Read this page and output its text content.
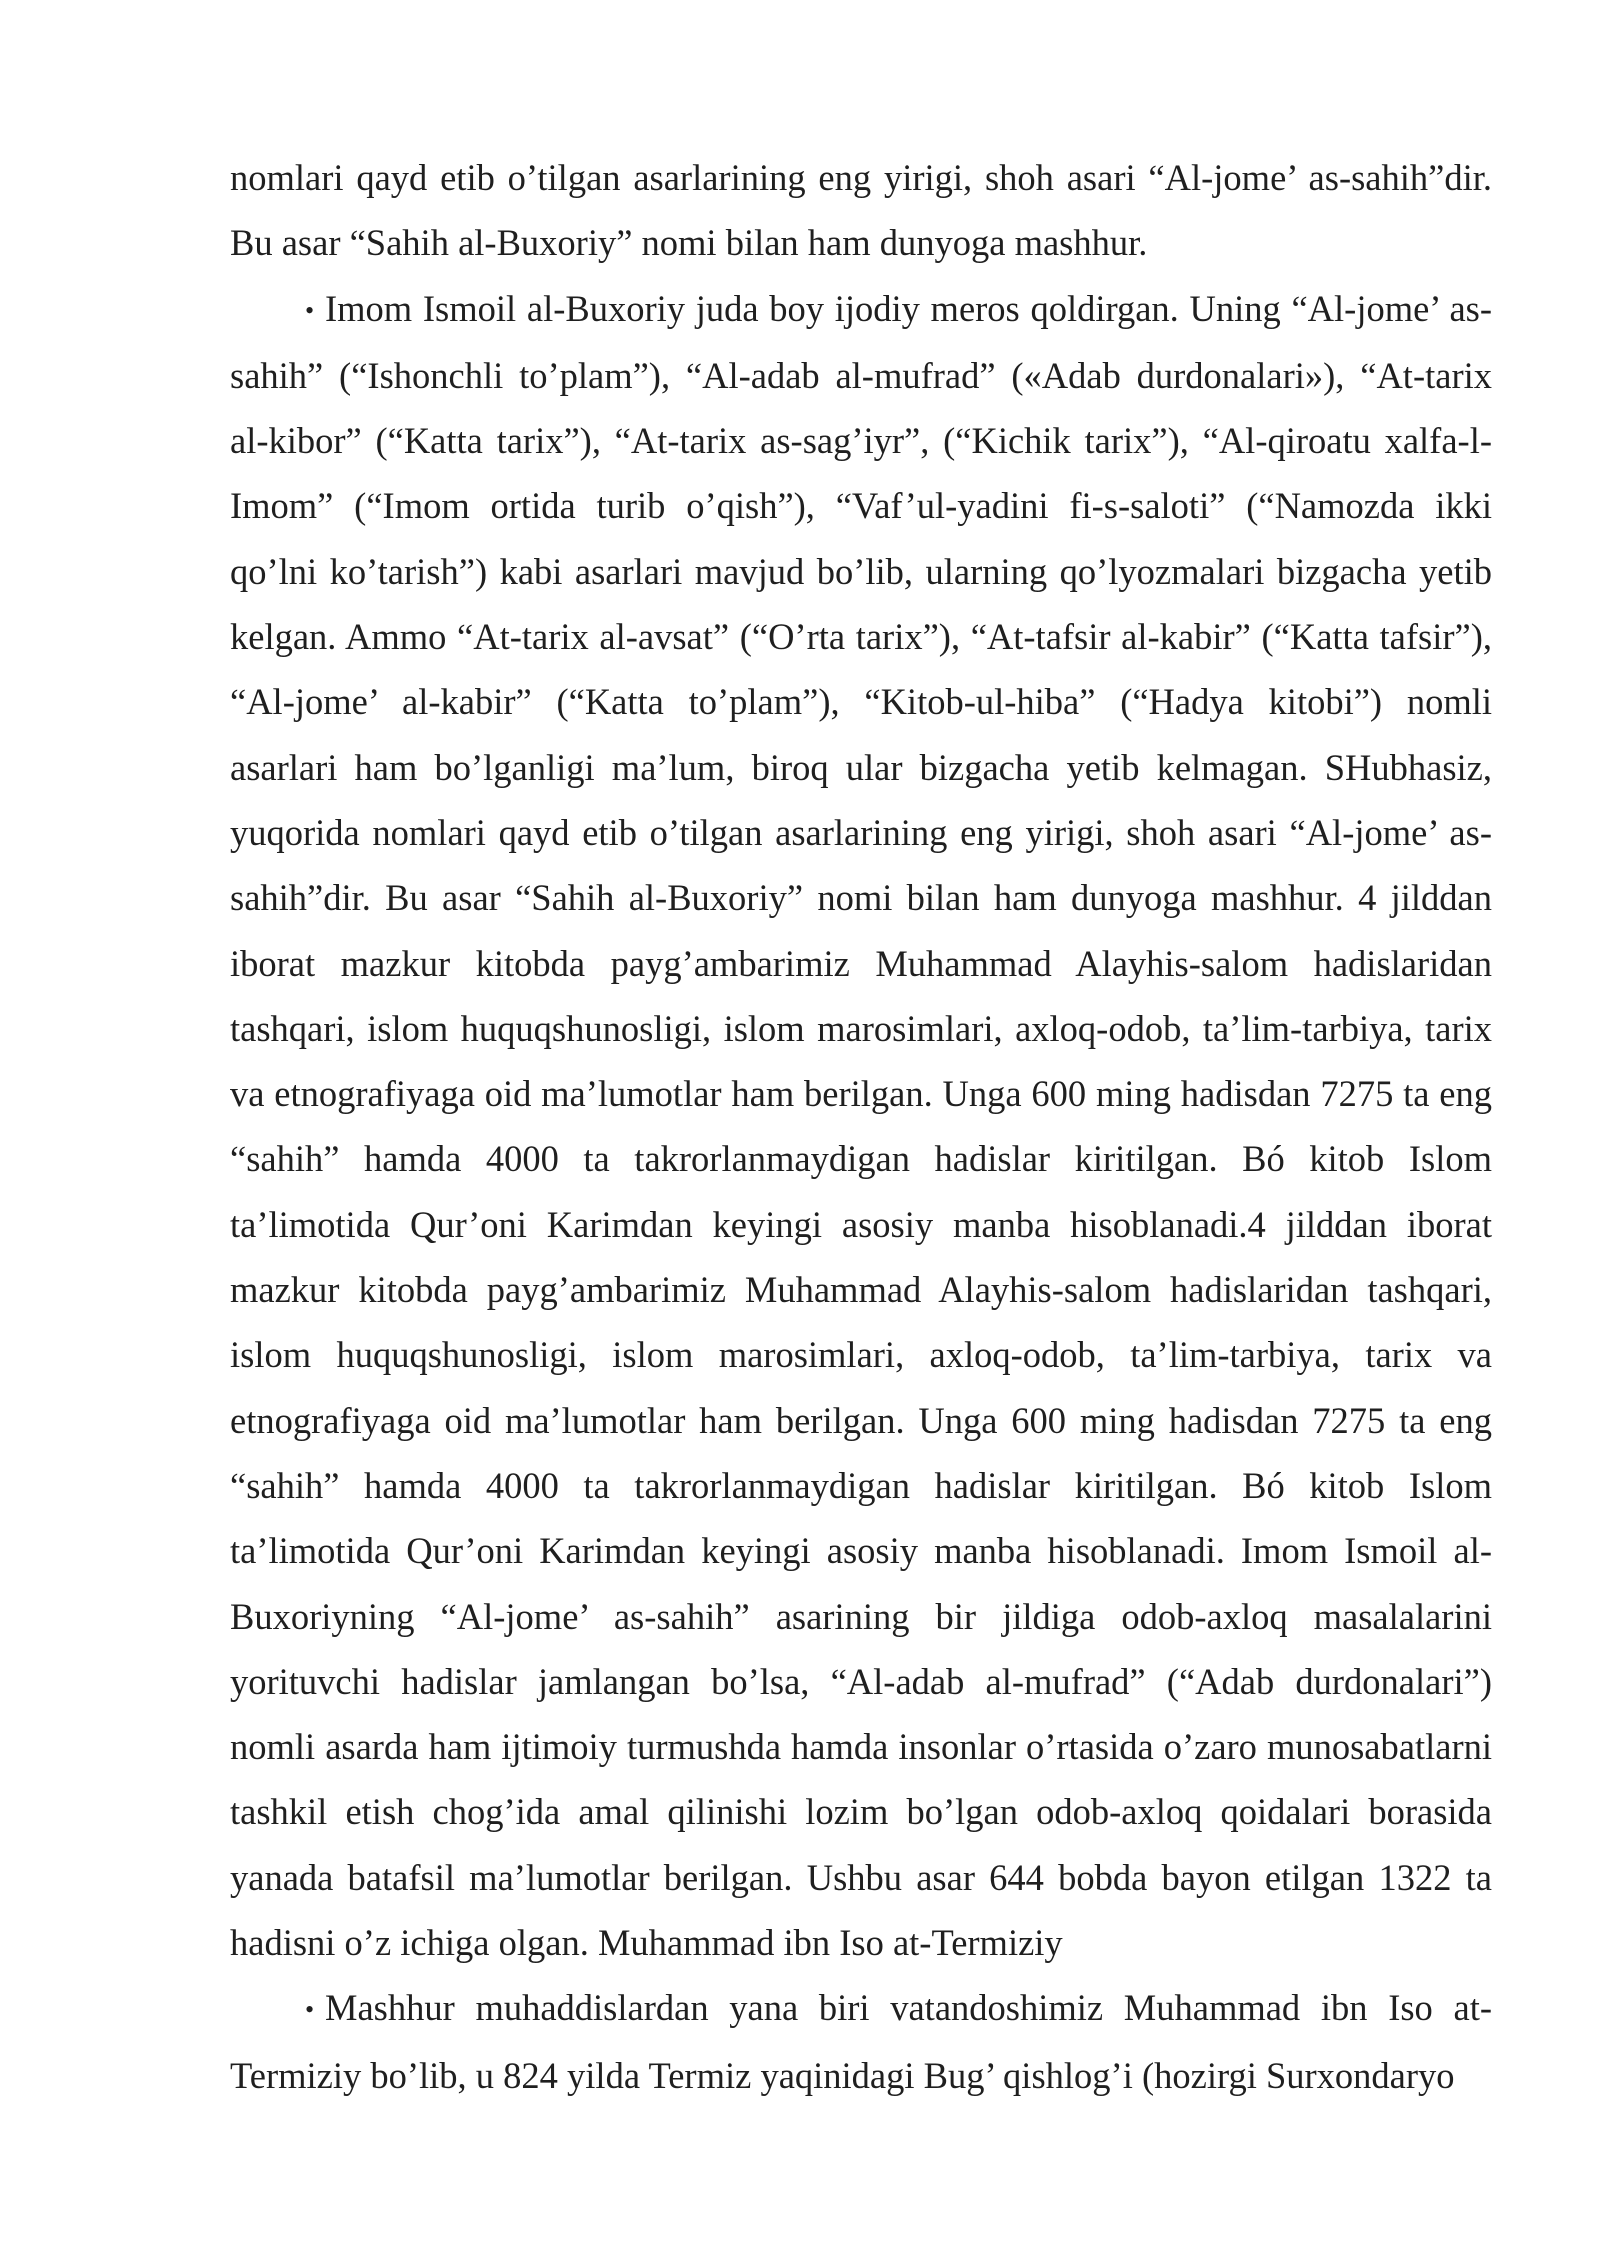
nomlari qayd etib o’tilgan asarlarining eng yirigi, shoh asari “Al-jome’ as-sahih”dir. Bu asar “Sahih al-Buxoriy” nomi bilan ham dunyoga mashhur.

• Imom Ismoil al-Buxoriy juda boy ijodiy meros qoldirgan. Uning “Al-jome’ as-sahih” (“Ishonchli to’plam”), “Al-adab al-mufrad” («Adab durdonalari»), “At-tarix al-kibor” (“Katta tarix”), “At-tarix as-sag’iyr”, (“Kichik tarix”), “Al-qiroatu xalfa-l-Imom” (“Imom ortida turib o’qish”), “Vaf’ul-yadini fi-s-saloti” (“Namozda ikki qo’lni ko’tarish”) kabi asarlari mavjud bo’lib, ularning qo’lyozmalari bizgacha yetib kelgan. Ammo “At-tarix al-avsat” (“O’rta tarix”), “At-tafsir al-kabir” (“Katta tafsir”), “Al-jome’ al-kabir” (“Katta to’plam”), “Kitob-ul-hiba” (“Hadya kitobi”) nomli asarlari ham bo’lganligi ma’lum, biroq ular bizgacha yetib kelmagan. SHubhasiz, yuqorida nomlari qayd etib o’tilgan asarlarining eng yirigi, shoh asari “Al-jome’ as-sahih”dir. Bu asar “Sahih al-Buxoriy” nomi bilan ham dunyoga mashhur. 4 jilddan iborat mazkur kitobda payg’ambarimiz Muhammad Alayhis-salom hadislaridan tashqari, islom huquqshunosligi, islom marosimlari, axloq-odob, ta’lim-tarbiya, tarix va etnografiyaga oid ma’lumotlar ham berilgan. Unga 600 ming hadisdan 7275 ta eng “sahih” hamda 4000 ta takrorlanmaydigan hadislar kiritilgan. Bó kitob Islom ta’limotida Qur’oni Karimdan keyingi asosiy manba hisoblanadi.4 jilddan iborat mazkur kitobda payg’ambarimiz Muhammad Alayhis-salom hadislaridan tashqari, islom huquqshunosligi, islom marosimlari, axloq-odob, ta’lim-tarbiya, tarix va etnografiyaga oid ma’lumotlar ham berilgan. Unga 600 ming hadisdan 7275 ta eng “sahih” hamda 4000 ta takrorlanmaydigan hadislar kiritilgan. Bó kitob Islom ta’limotida Qur’oni Karimdan keyingi asosiy manba hisoblanadi. Imom Ismoil al-Buxoriyning “Al-jome’ as-sahih” asarining bir jildiga odob-axloq masalalarini yorituvchi hadislar jamlangan bo’lsa, “Al-adab al-mufrad” (“Adab durdonalari”) nomli asarda ham ijtimoiy turmushda hamda insonlar o’rtasida o’zaro munosabatlarni tashkil etish chog’ida amal qilinishi lozim bo’lgan odob-axloq qoidalari borasida yanada batafsil ma’lumotlar berilgan. Ushbu asar 644 bobda bayon etilgan 1322 ta hadisni o’z ichiga olgan. Muhammad ibn Iso at-Termiziy

• Mashhur muhaddislardan yana biri vatandoshimiz Muhammad ibn Iso at-Termiziy bo’lib, u 824 yilda Termiz yaqinidagi Bug’ qishlog’i (hozirgi Surxondaryo
